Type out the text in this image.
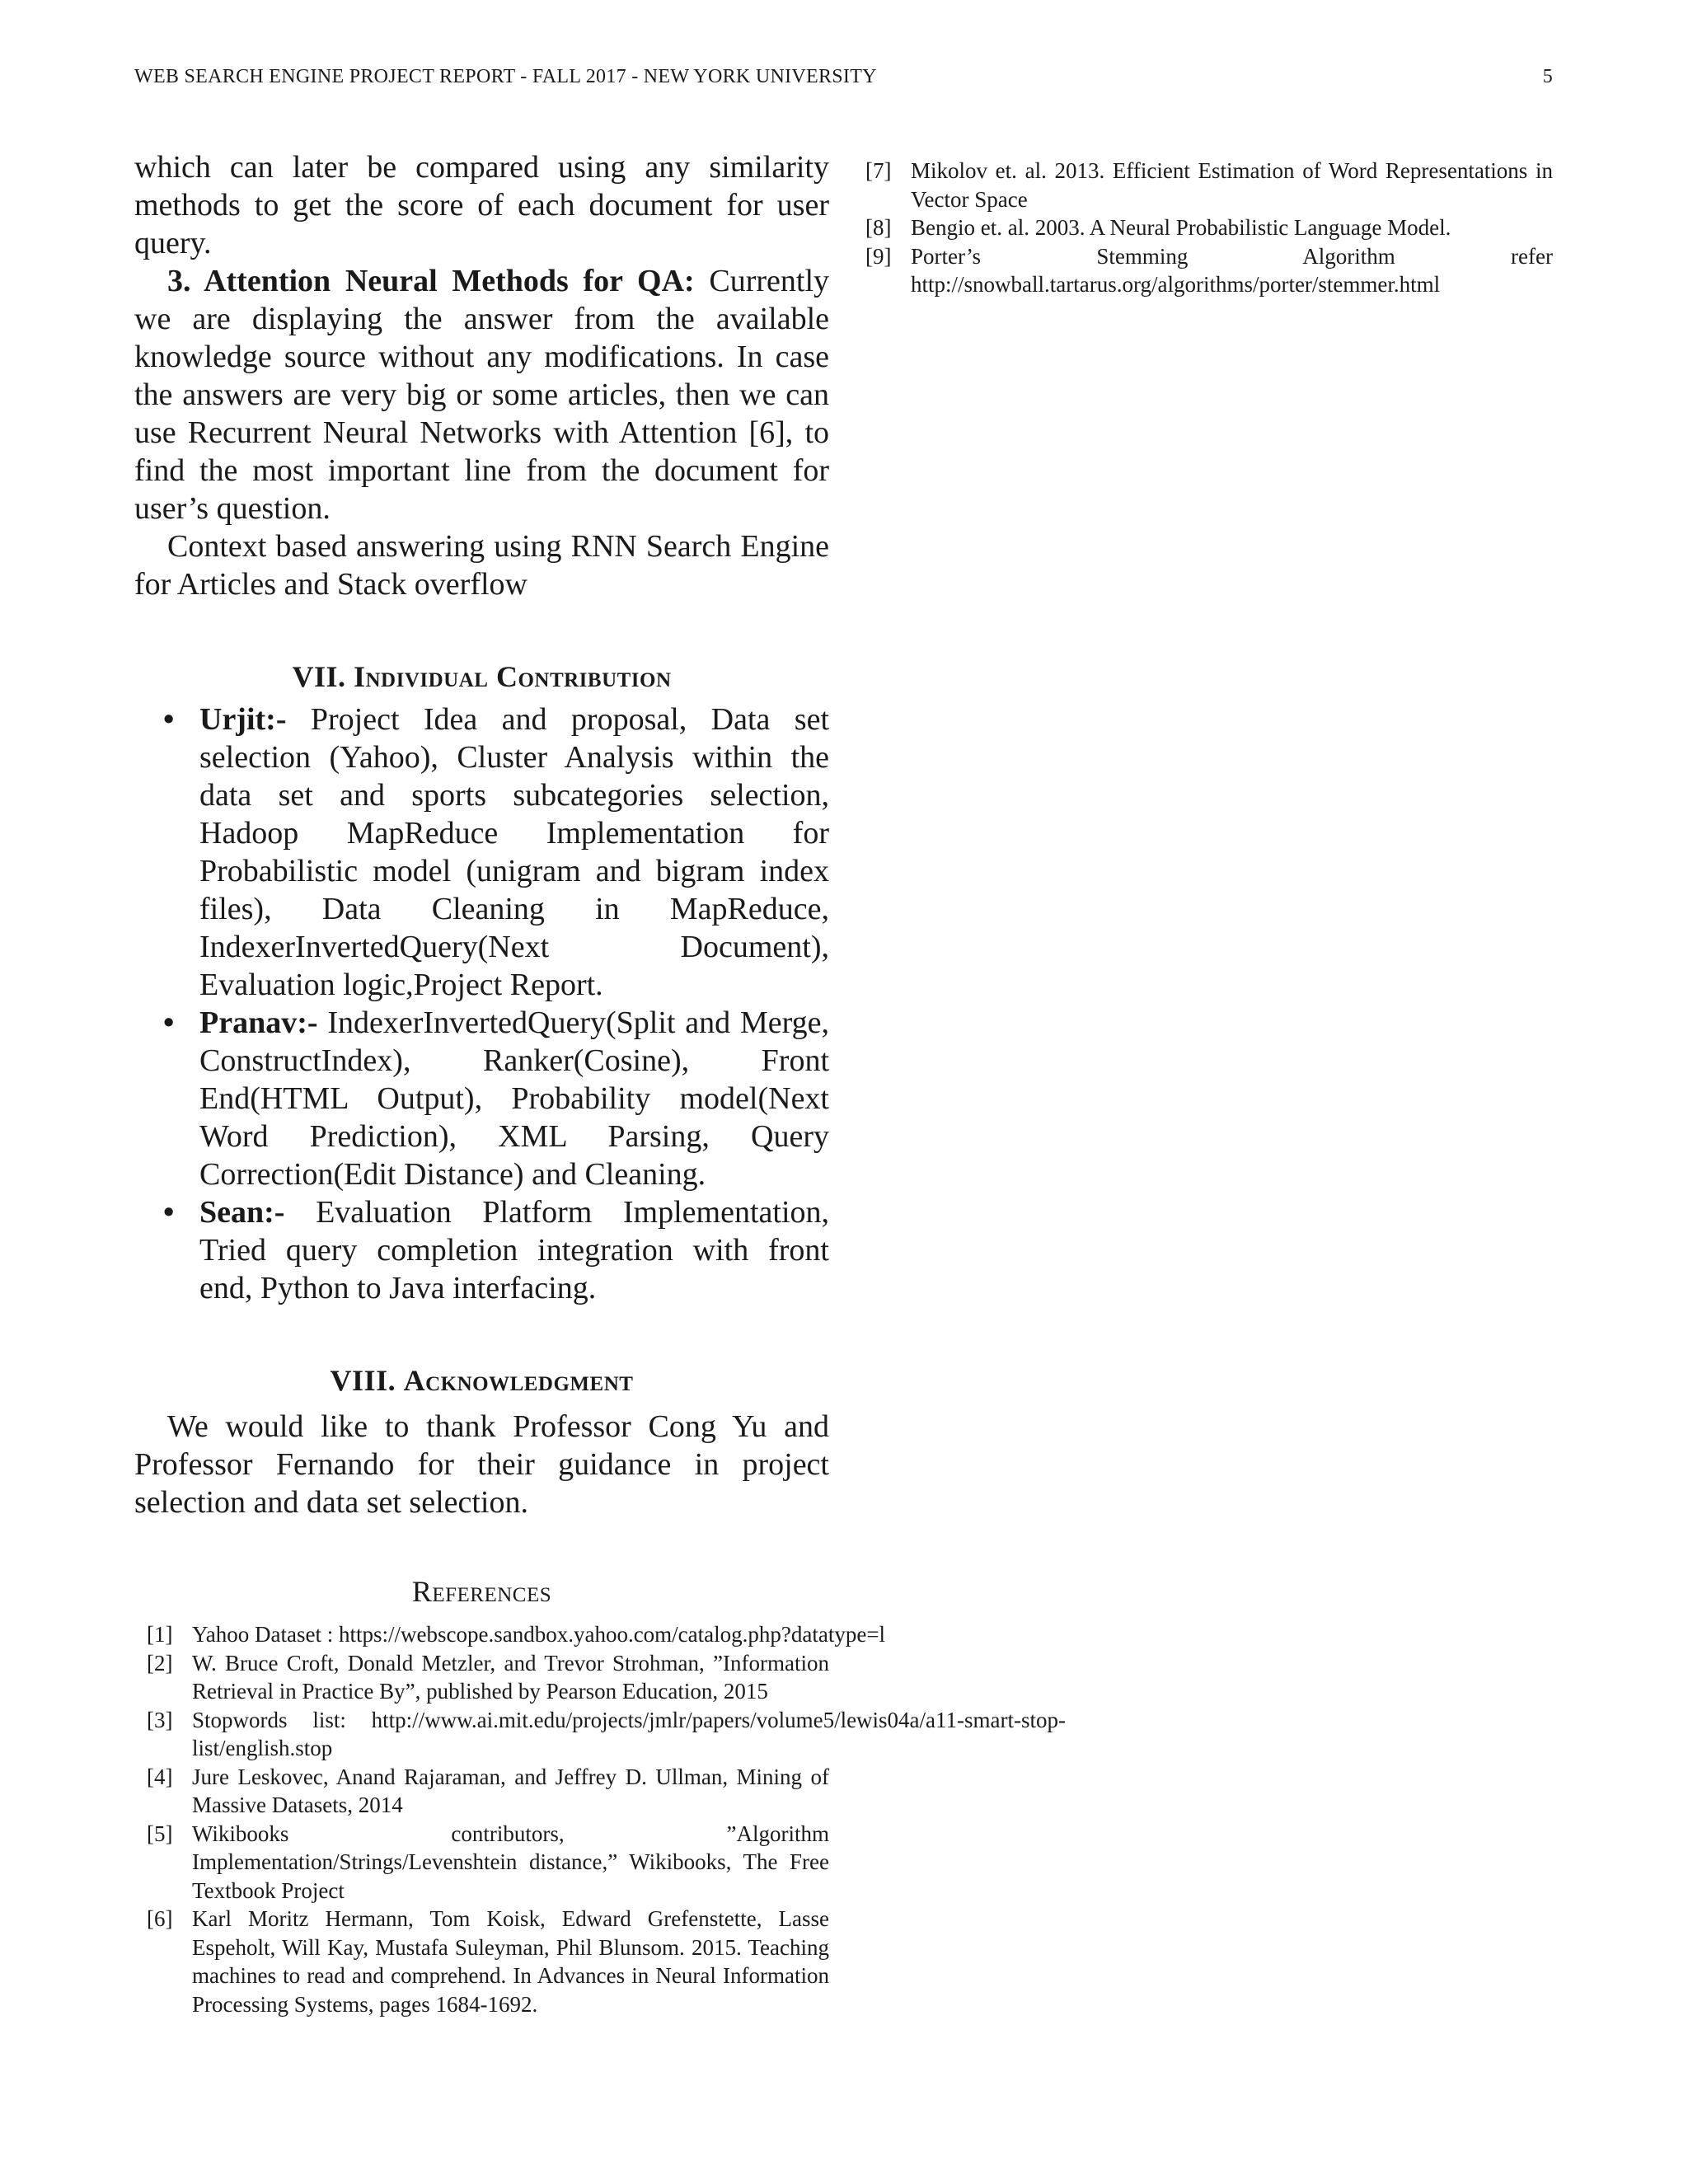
WEB SEARCH ENGINE PROJECT REPORT - FALL 2017 - NEW YORK UNIVERSITY	5

which can later be compared using any similarity methods to get the score of each document for user query.

3. Attention Neural Methods for QA: Currently we are displaying the answer from the available knowledge source without any modifications. In case the answers are very big or some articles, then we can use Recurrent Neural Networks with Attention [6], to find the most important line from the document for user’s question.

Context based answering using RNN Search Engine for Articles and Stack overflow

VII. Individual Contribution
• Urjit:- Project Idea and proposal, Data set selection (Yahoo), Cluster Analysis within the data set and sports subcategories selection, Hadoop MapReduce Implementation for Probabilistic model (unigram and bigram index files), Data Cleaning in MapReduce, IndexerInvertedQuery(Next Document), Evaluation logic,Project Report.
• Pranav:- IndexerInvertedQuery(Split and Merge, ConstructIndex), Ranker(Cosine), Front End(HTML Output), Probability model(Next Word Prediction), XML Parsing, Query Correction(Edit Distance) and Cleaning.
• Sean:- Evaluation Platform Implementation, Tried query completion integration with front end, Python to Java interfacing.
VIII. Acknowledgment

We would like to thank Professor Cong Yu and Professor Fernando for their guidance in project selection and data set selection.

References
[1] Yahoo Dataset : https://webscope.sandbox.yahoo.com/catalog.php?datatype=l
[2] W. Bruce Croft, Donald Metzler, and Trevor Strohman, ”Information Retrieval in Practice By”, published by Pearson Education, 2015
[3] Stopwords list: http://www.ai.mit.edu/projects/jmlr/papers/volume5/lewis04a/a11-smart-stop-list/english.stop
[4] Jure Leskovec, Anand Rajaraman, and Jeffrey D. Ullman, Mining of Massive Datasets, 2014
[5] Wikibooks contributors, ”Algorithm Implementation/Strings/Levenshtein distance,” Wikibooks, The Free Textbook Project
[6] Karl Moritz Hermann, Tom Koisk, Edward Grefenstette, Lasse Espeholt, Will Kay, Mustafa Suleyman, Phil Blunsom. 2015. Teaching machines to read and comprehend. In Advances in Neural Information Processing Systems, pages 1684-1692.
[7] Mikolov et. al. 2013. Efficient Estimation of Word Representations in Vector Space
[8] Bengio et. al. 2003. A Neural Probabilistic Language Model.
[9] Porter’s Stemming Algorithm refer http://snowball.tartarus.org/algorithms/porter/stemmer.html
